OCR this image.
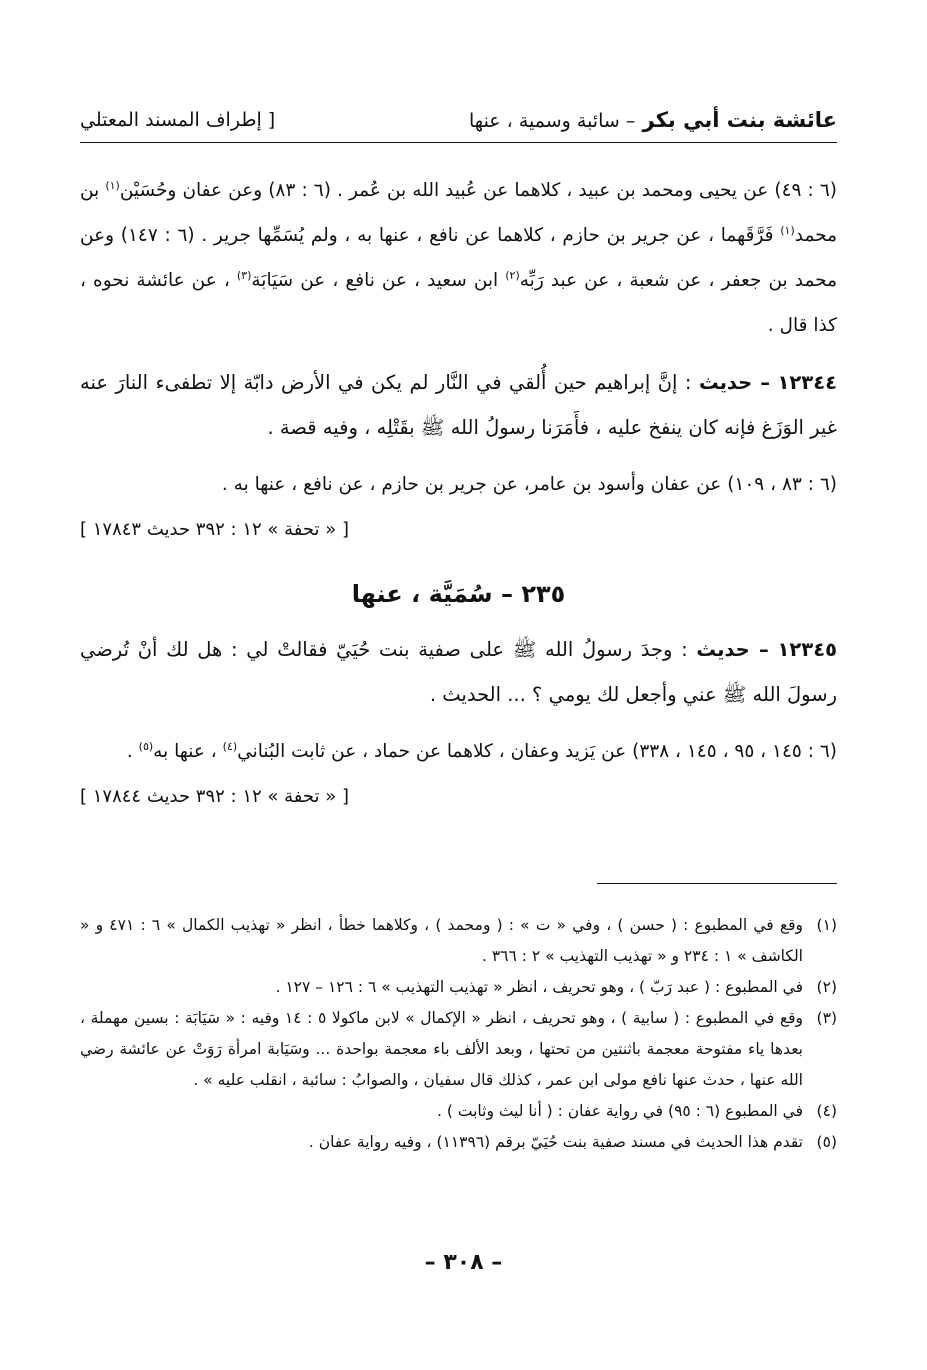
عائشة بنت أبي بكر – سائبة وسمية ، عنها
[ إطراف المسند المعتلي

(٦ : ٤٩) عن يحيى ومحمد بن عبيد ، كلاهما عن عُبيد الله بن عُمر . (٦ : ٨٣) وعن عفان وحُسَيْن$^{(١)}$ بن محمد$^{(١)}$ فَرَّقَهما ، عن جرير بن حازم ، كلاهما عن نافع ، عنها به ، ولم يُسَمِّها جرير . (٦ : ١٤٧) وعن محمد بن جعفر ، عن شعبة ، عن عبد رَبِّه$^{(٢)}$ ابن سعيد ، عن نافع ، عن سَيَابَة$^{(٣)}$ ، عن عائشة نحوه ، كذا قال .

١٢٣٤٤ – حديث : إنَّ إبراهيم حين أُلقي في النَّار لم يكن في الأرض دابّة إلا تطفىء النارَ عنه غير الوَزَغ فإنه كان ينفخ عليه ، فأَمَرَنا رسولُ الله ﷺ بقَتْلِه ، وفيه قصة .

(٦ : ٨٣ ، ١٠٩) عن عفان وأسود بن عامر، عن جرير بن حازم ، عن نافع ، عنها به .

[ « تحفة » ١٢ : ٣٩٢ حديث ١٧٨٤٣ ]

٢٣٥ – سُمَيَّة ، عنها

١٢٣٤٥ – حديث : وجدَ رسولُ الله ﷺ على صفية بنت حُيَيّ فقالتْ لي : هل لك أنْ تُرضي رسولَ الله ﷺ عني وأجعل لك يومي ؟ ... الحديث .

(٦ : ١٤٥ ، ٩٥ ، ١٤٥ ، ٣٣٨) عن يَزيد وعفان ، كلاهما عن حماد ، عن ثابت البُناني$^{(٤)}$ ، عنها به$^{(٥)}$ .

[ « تحفة » ١٢ : ٣٩٢ حديث ١٧٨٤٤ ]

(١)
وقع في المطبوع : ( حسن ) ، وفي « ت » : ( ومحمد ) ، وكلاهما خطأ ، انظر « تهذيب الكمال » ٦ : ٤٧١ و « الكاشف » ١ : ٢٣٤ و « تهذيب التهذيب » ٢ : ٣٦٦ .
(٢)
في المطبوع : ( عبد رَبّ ) ، وهو تحريف ، انظر « تهذيب التهذيب » ٦ : ١٢٦ – ١٢٧ .
(٣)
وقع في المطبوع : ( سابية ) ، وهو تحريف ، انظر « الإكمال » لابن ماكولا ٥ : ١٤ وفيه : « سَيَابَة : بسين مهملة ، بعدها ياء مفتوحة معجمة باثنتين من تحتها ، وبعد الألف باء معجمة بواحدة ... وسَيَابة امرأة رَوَتْ عن عائشة رضي الله عنها ، حدث عنها نافع مولى ابن عمر ، كذلك قال سفيان ، والصوابُ : سائبة ، انقلب عليه » .
(٤)
في المطبوع (٦ : ٩٥) في رواية عفان : ( أنا ليث وثابت ) .
(٥)
تقدم هذا الحديث في مسند صفية بنت حُيَيّ برقم (١١٣٩٦) ، وفيه رواية عفان .
– ٣٠٨ –
